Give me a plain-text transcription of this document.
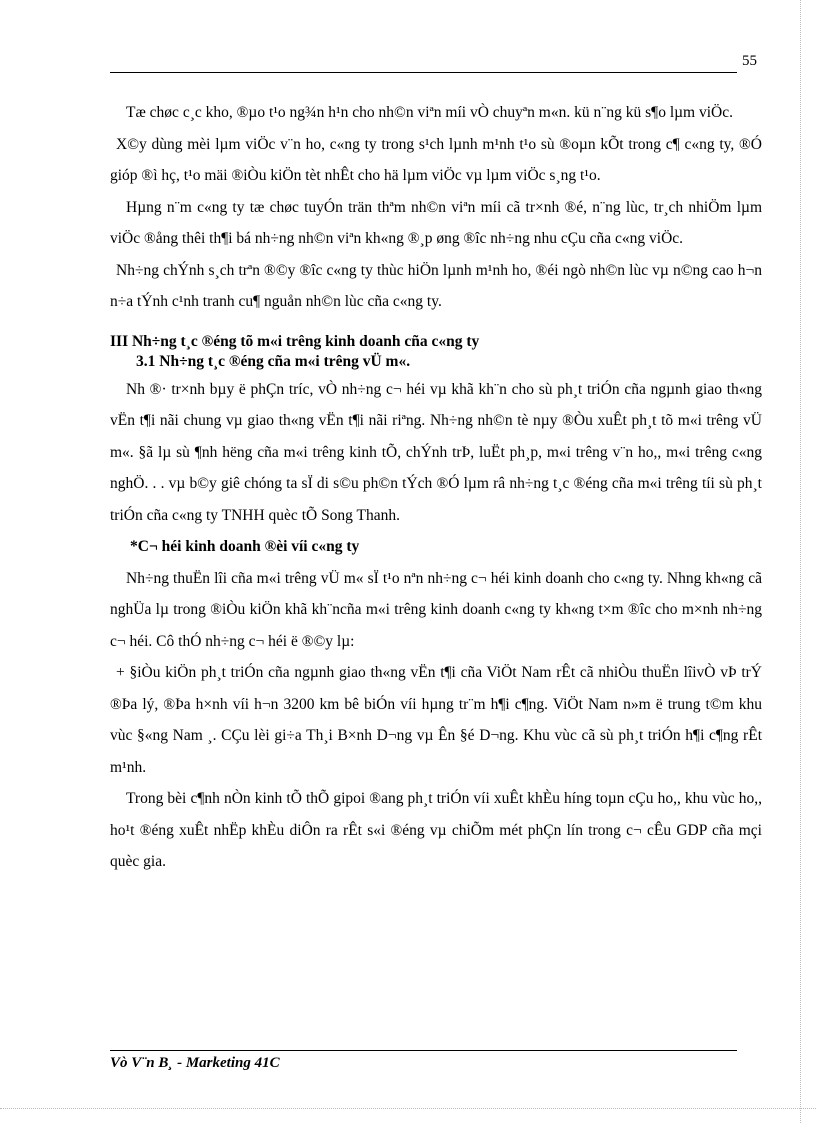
55

Tæ chøc c¸c kho, ®µo t¹o ng¾n h¹n cho nh©n viªn míi vÒ chuyªn m«n. kü n¨ng kü s¶o lµm viÖc.

X©y dùng mèi lµm viÖc v¨n ho, c«ng ty trong s¹ch lµnh m¹nh t¹o sù ®oµn kÕt trong c¶ c«ng ty, ®Ó gióp ®ì hç, t¹o mäi ®iÒu kiÖn tèt nhÊt cho hä lµm viÖc vµ lµm viÖc s¸ng t¹o.

Hµng n¨m c«ng ty tæ chøc tuyÓn trän thªm nh©n viªn míi cã tr×nh ®é, n¨ng lùc, tr¸ch nhiÖm lµm viÖc ®ång thêi th¶i bá nh÷ng nh©n viªn kh«ng ®¸p øng ®îc nh÷ng nhu cÇu cña c«ng viÖc.

Nh÷ng chÝnh s¸ch trªn ®©y ®îc c«ng ty thùc hiÖn lµnh m¹nh ho, ®éi ngò nh©n lùc vµ n©ng cao h¬n n÷a tÝnh c¹nh tranh cu¶ nguån nh©n lùc cña c«ng ty.

III Nh÷ng t¸c ®éng tõ m«i trêng kinh doanh cña c«ng ty

3.1 Nh÷ng t¸c ®éng cña m«i trêng vÜ m«.

Nh ®· tr×nh bµy ë phÇn tríc, vÒ nh÷ng c¬ héi vµ khã kh¨n cho sù ph¸t triÓn cña ngµnh giao th«ng vËn t¶i nãi chung vµ giao th«ng vËn t¶i nãi riªng. Nh÷ng nh©n tè nµy ®Òu xuÊt ph¸t tõ m«i trêng vÜ m«. §ã lµ sù ¶nh hëng cña m«i trêng kinh tÕ, chÝnh trÞ, luËt ph¸p, m«i trêng v¨n ho,, m«i trêng c«ng nghÖ. . . vµ b©y giê chóng ta sÏ di s©u ph©n tÝch ®Ó lµm râ nh÷ng t¸c ®éng cña m«i trêng tíi sù ph¸t triÓn cña c«ng ty TNHH quèc tÕ Song Thanh.

*C¬ héi kinh doanh ®èi víi c«ng ty

Nh÷ng thuËn lîi cña m«i trêng vÜ m« sÏ t¹o nªn nh÷ng c¬ héi kinh doanh cho c«ng ty. Nhng kh«ng cã nghÜa lµ trong ®iÒu kiÖn khã kh¨ncña m«i trêng kinh doanh c«ng ty kh«ng t×m ®îc cho m×nh nh÷ng c¬ héi. Cô thÓ nh÷ng c¬ héi ë ®©y lµ:

+ §iÒu kiÖn ph¸t triÓn cña ngµnh giao th«ng vËn t¶i cña ViÖt Nam rÊt cã nhiÒu thuËn lîivÒ vÞ trÝ ®Þa lý, ®Þa h×nh víi h¬n 3200 km bê biÓn víi hµng tr¨m h¶i c¶ng. ViÖt Nam n»m ë trung t©m khu vùc §«ng Nam ¸. CÇu lèi gi÷a Th¸i B×nh D¬ng vµ Ên §é D¬ng. Khu vùc cã sù ph¸t triÓn h¶i c¶ng rÊt m¹nh.

Trong bèi c¶nh nÒn kinh tÕ thÕ gipoi ®ang ph¸t triÓn víi xuÊt khÈu híng toµn cÇu ho,, khu vùc ho,, ho¹t ®éng xuÊt nhËp khÈu diÔn ra rÊt s«i ®éng vµ chiÕm mét phÇn lín trong c¬ cÊu GDP cña mçi quèc gia.

Vò V¨n B¸ - Marketing 41C
